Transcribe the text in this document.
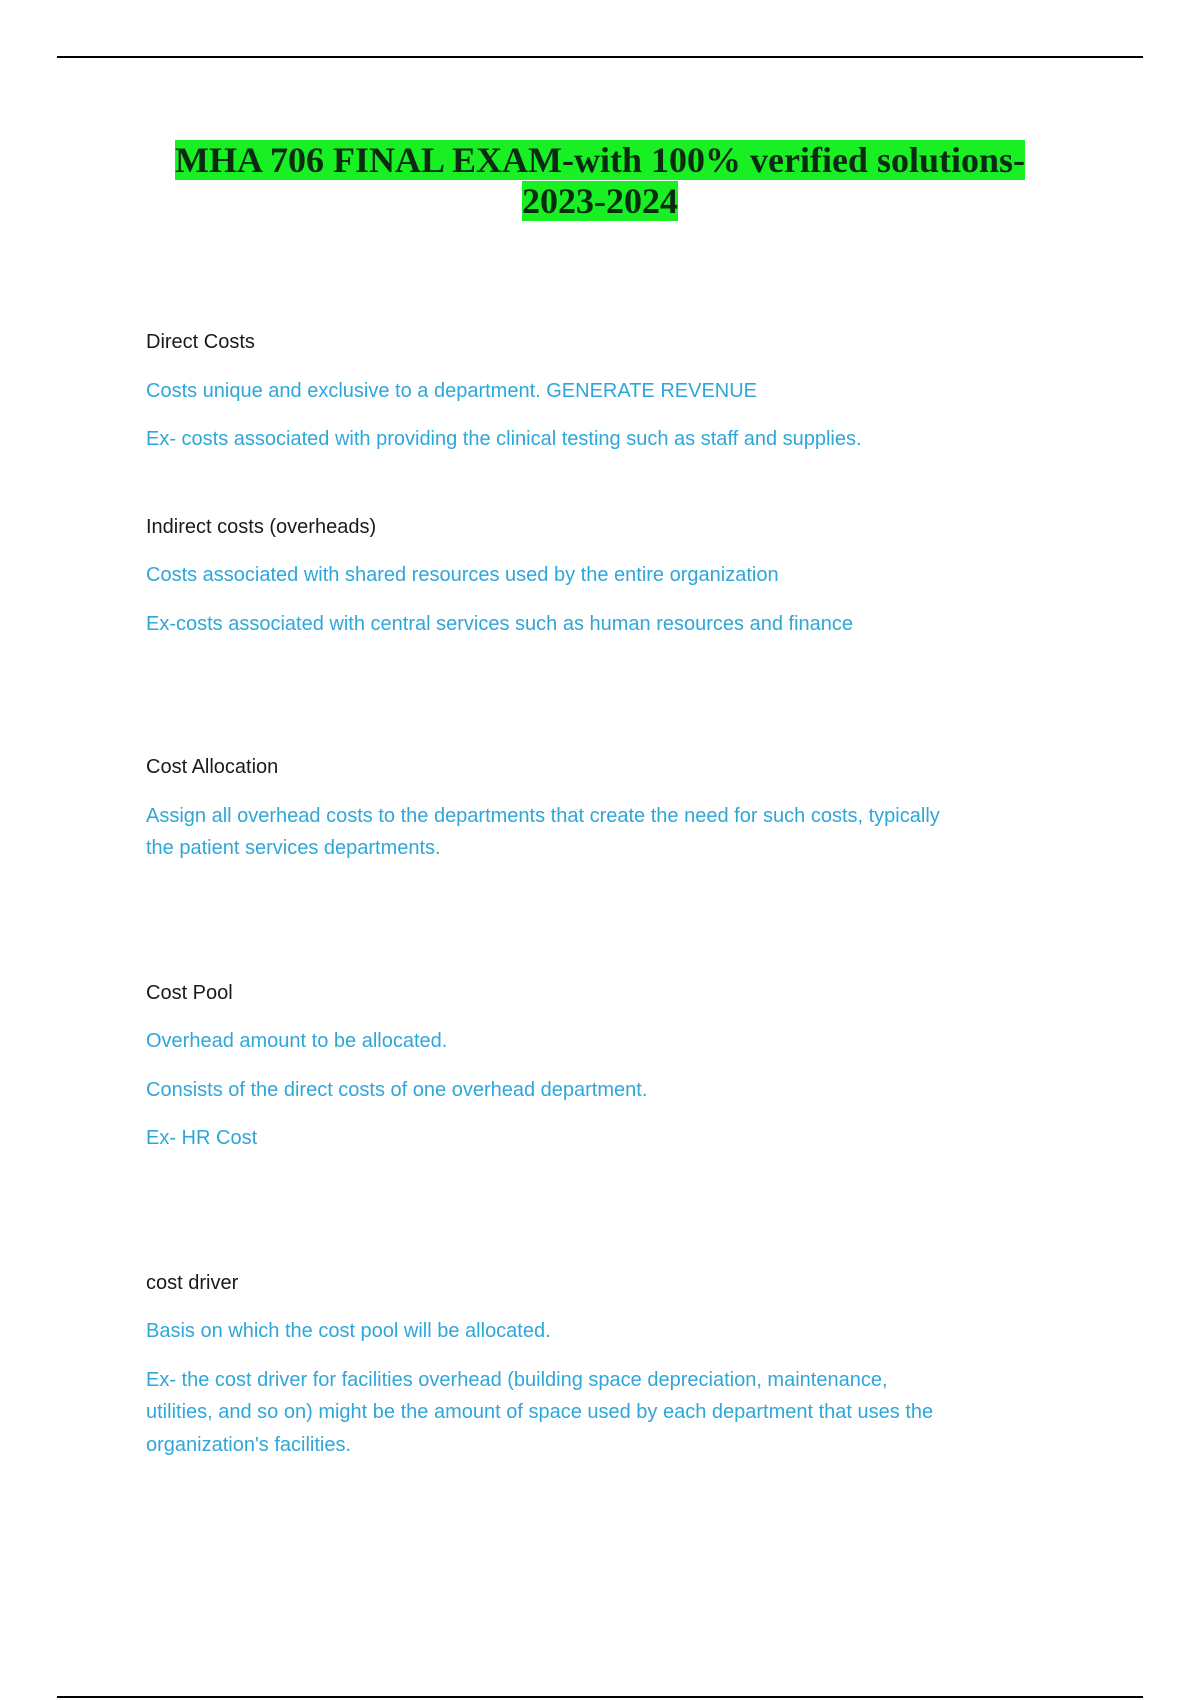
MHA 706 FINAL EXAM-with 100% verified solutions-
2023-2024

Direct Costs

Costs unique and exclusive to a department. GENERATE REVENUE

Ex- costs associated with providing the clinical testing such as staff and supplies.

Indirect costs (overheads)

Costs associated with shared resources used by the entire organization

Ex-costs associated with central services such as human resources and finance

Cost Allocation

Assign all overhead costs to the departments that create the need for such costs, typically
the patient services departments.

Cost Pool

Overhead amount to be allocated.

Consists of the direct costs of one overhead department.

Ex- HR Cost

cost driver

Basis on which the cost pool will be allocated.

Ex- the cost driver for facilities overhead (building space depreciation, maintenance,
utilities, and so on) might be the amount of space used by each department that uses the
organization's facilities.
